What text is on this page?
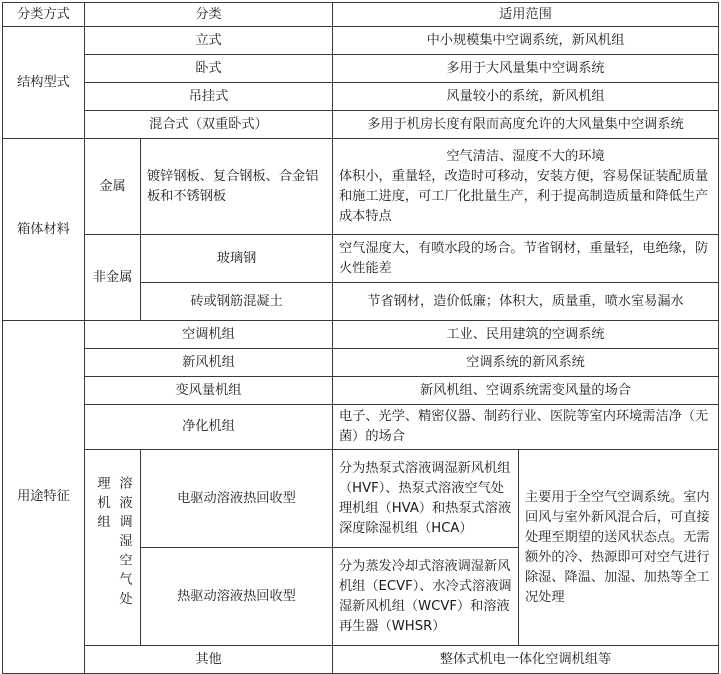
分类方式	分类		适用范围	
结构型式	立式		中小规模集中空调系统，新风机组	
	卧式		多用于大风量集中空调系统	
	吊挂式		风量较小的系统，新风机组	
	混合式（双重卧式）		多用于机房长度有限而高度允许的大风量集中空调系统	
箱体材料	金属	镀锌钢板、复合钢板、合金铝板和不锈钢板	空气清洁、湿度不大的环境
体积小，重量轻，改造时可移动，安装方便，容易保证装配质量和施工进度，可工厂化批量生产，利于提高制造质量和降低生产成本特点	

	非金属	玻璃钢	空气湿度大，有喷水段的场合。节省钢材，重量轻，电绝缘，防火性能差	
		砖或钢筋混凝土	节省钢材，造价低廉；体积大，质量重，喷水室易漏水	
用途特征	空调机组		工业、民用建筑的空调系统	
	新风机组		空调系统的新风系统	
	变风量机组		新风机组、空调系统需变风量的场合	
	净化机组		电子、光学、精密仪器、制药行业、医院等室内环境需洁净（无菌）的场合	
	溶液调湿空气处理机组	电驱动溶液热回收型	分为热泵式溶液调湿新风机组（HVF）、热泵式溶液空气处理机组（HVA）和热泵式溶液深度除湿机组（HCA）	主要用于全空气空调系统。室内回风与室外新风混合后，可直接处理至期望的送风状态点。无需额外的冷、热源即可对空气进行除湿、降温、加湿、加热等全工况处理
		热驱动溶液热回收型	分为蒸发冷却式溶液调湿新风机组（ECVF）、水冷式溶液调湿新风机组（WCVF）和溶液再生器（WHSR）	
	其他		整体式机电一体化空调机组等	
